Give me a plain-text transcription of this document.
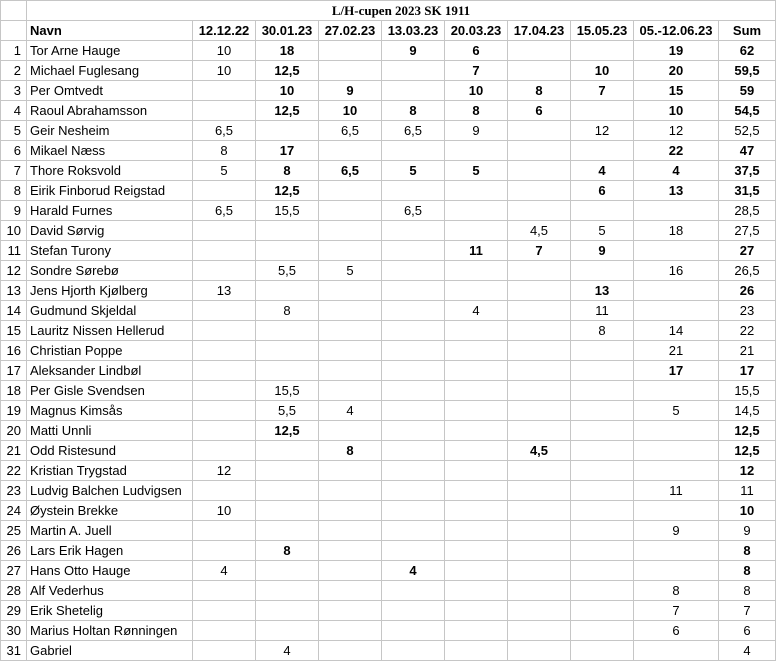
	L/H-cupen 2023 SK 1911									
	Navn	12.12.22	30.01.23	27.02.23	13.03.23	20.03.23	17.04.23	15.05.23	05.-12.06.23	Sum
1	Tor Arne Hauge	10	18		9	6			19	62
2	Michael Fuglesang	10	12,5			7		10	20	59,5
3	Per Omtvedt		10	9		10	8	7	15	59
4	Raoul Abrahamsson		12,5	10	8	8	6		10	54,5
5	Geir Nesheim	6,5		6,5	6,5	9		12	12	52,5
6	Mikael Næss	8	17						22	47
7	Thore Roksvold	5	8	6,5	5	5		4	4	37,5
8	Eirik Finborud Reigstad		12,5					6	13	31,5
9	Harald Furnes	6,5	15,5		6,5					28,5
10	David Sørvig						4,5	5	18	27,5
11	Stefan Turony					11	7	9		27
12	Sondre Sørebø		5,5	5					16	26,5
13	Jens Hjorth Kjølberg	13						13		26
14	Gudmund Skjeldal		8			4		11		23
15	Lauritz Nissen Hellerud							8	14	22
16	Christian Poppe								21	21
17	Aleksander Lindbøl								17	17
18	Per Gisle Svendsen		15,5							15,5
19	Magnus Kimsås		5,5	4					5	14,5
20	Matti Unnli		12,5							12,5
21	Odd Ristesund			8			4,5			12,5
22	Kristian Trygstad	12								12
23	Ludvig Balchen Ludvigsen								11	11
24	Øystein Brekke	10								10
25	Martin A. Juell								9	9
26	Lars Erik Hagen		8							8
27	Hans Otto Hauge	4			4					8
28	Alf Vederhus								8	8
29	Erik Shetelig								7	7
30	Marius Holtan Rønningen								6	6
31	Gabriel		4							4
